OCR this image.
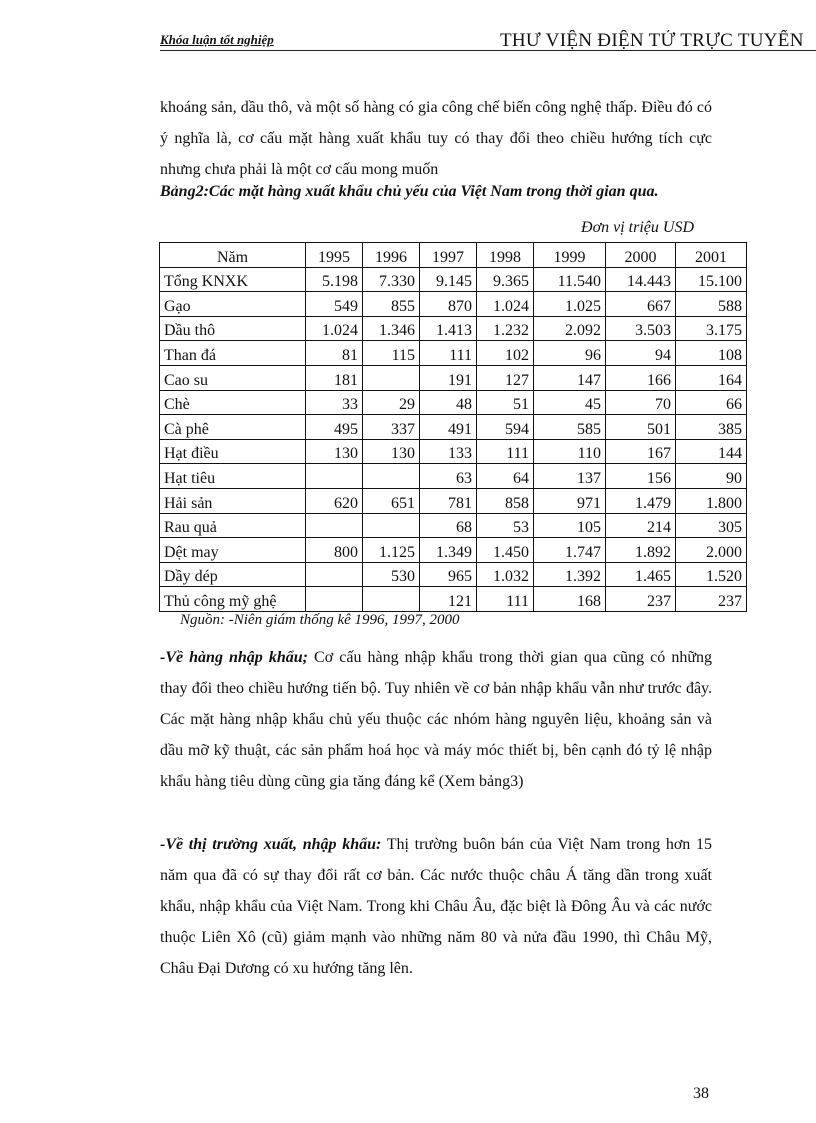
Khóa luận tốt nghiệp	THƯ VIỆN ĐIỆN TỬ TRỰC TUYẾN
khoáng sản, dầu thô, và một số hàng có gia công chế biến công nghệ thấp. Điều đó có ý nghĩa là, cơ cấu mặt hàng xuất khẩu tuy có thay đổi theo chiều hướng tích cực nhưng chưa phải là một cơ cấu mong muốn
Bảng2:Các mặt hàng xuất khẩu chủ yếu của Việt Nam trong thời gian qua.
Đơn vị triệu USD
Năm	1995	1996	1997	1998	1999	2000	2001
Tổng KNXK	5.198	7.330	9.145	9.365	11.540	14.443	15.100
Gạo	549	855	870	1.024	1.025	667	588
Dầu thô	1.024	1.346	1.413	1.232	2.092	3.503	3.175
Than đá	81	115	111	102	96	94	108
Cao su	181		191	127	147	166	164
Chè	33	29	48	51	45	70	66
Cà phê	495	337	491	594	585	501	385
Hạt điều	130	130	133	111	110	167	144
Hạt tiêu			63	64	137	156	90
Hải sản	620	651	781	858	971	1.479	1.800
Rau quả			68	53	105	214	305
Dệt may	800	1.125	1.349	1.450	1.747	1.892	2.000
Dầy dép		530	965	1.032	1.392	1.465	1.520
Thủ công mỹ ghệ			121	111	168	237	237
Nguồn: -Niên giám thống kê 1996, 1997, 2000
-Về hàng nhập khẩu; Cơ cấu hàng nhập khẩu trong thời gian qua cũng có những thay đổi theo chiều hướng tiến bộ. Tuy nhiên về cơ bản nhập khẩu vẫn như trước đây. Các mặt hàng nhập khẩu chủ yếu thuộc các nhóm hàng nguyên liệu, khoảng sản và dầu mỡ kỹ thuật, các sản phẩm hoá học và máy móc thiết bị, bên cạnh đó tỷ lệ nhập khẩu hàng tiêu dùng cũng gia tăng đáng kể (Xem bảng3)
-Về thị trường xuất, nhập khẩu: Thị trường buôn bán của Việt Nam trong hơn 15 năm qua đã có sự thay đổi rất cơ bản. Các nước thuộc châu Á tăng dần trong xuất khẩu, nhập khẩu của Việt Nam. Trong khi Châu Âu, đặc biệt là Đông Âu và các nước thuộc Liên Xô (cũ) giảm mạnh vào những năm 80 và nửa đầu 1990, thì Châu Mỹ, Châu Đại Dương có xu hướng tăng lên.
38
